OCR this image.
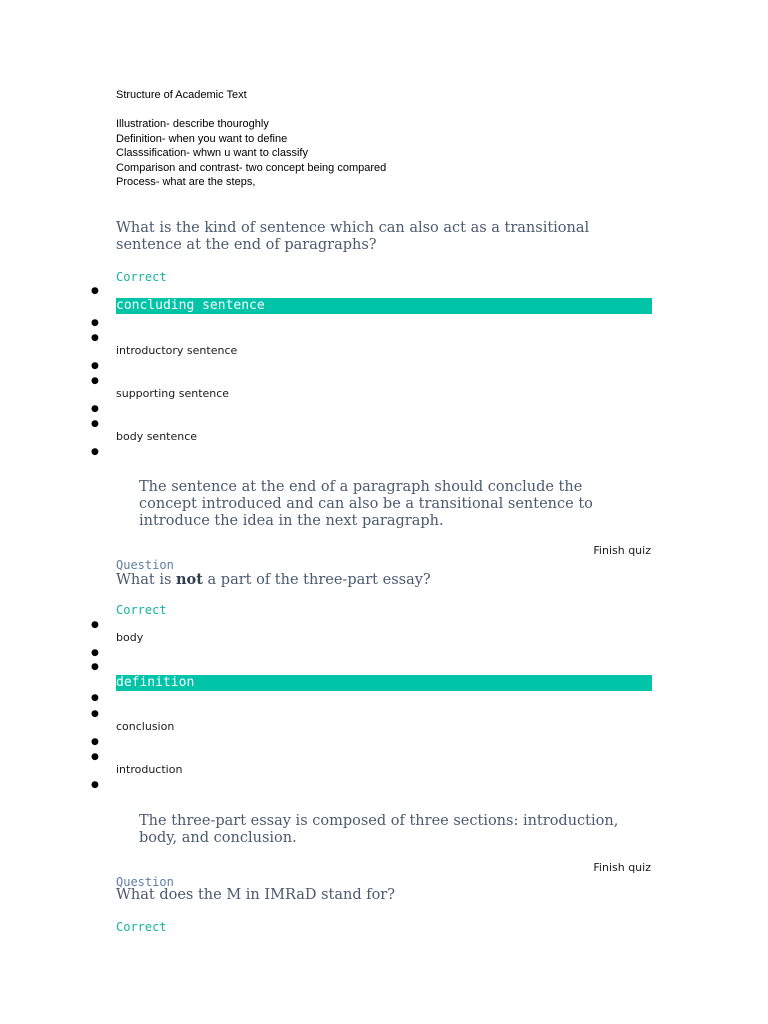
Structure of Academic Text
Illustration- describe thouroghly
Definition- when you want to define
Classsification- whwn u want to classify
Comparison and contrast- two concept being compared
Process- what are the steps,
What is the kind of sentence which can also act as a transitional sentence at the end of paragraphs?
Correct
●
concluding sentence
●
●
introductory sentence
●
●
supporting sentence
●
●
body sentence
●
The sentence at the end of a paragraph should conclude the concept introduced and can also be a transitional sentence to introduce the idea in the next paragraph.
Finish quiz
Question
What is not a part of the three-part essay?
Correct
●
body
●
●
definition
●
●
conclusion
●
●
introduction
●
The three-part essay is composed of three sections: introduction, body, and conclusion.
Finish quiz
Question
What does the M in IMRaD stand for?
Correct
